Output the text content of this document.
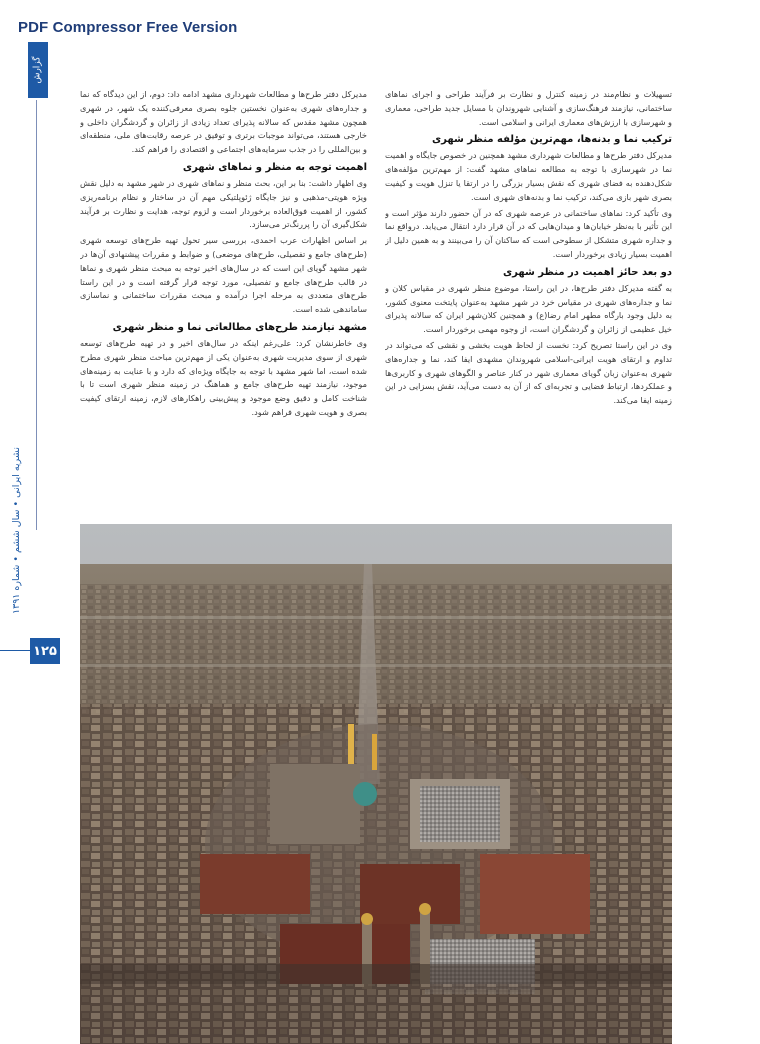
PDF Compressor Free Version
گزارش
نشریه ایرانی • سال ششم • شماره ۱۳۹۱
۱۲۵

تسهیلات و نظام‌مند در زمینه کنترل و نظارت بر فرآیند طراحی و اجرای نماهای ساختمانی، نیازمند فرهنگ‌سازی و آشنایی شهروندان با مسایل جدید طراحی، معماری و شهرسازی با ارزش‌های معماری ایرانی و اسلامی است.

ترکیب نما و بدنه‌ها، مهم‌ترین مؤلفه منظر شهری

مدیرکل دفتر طرح‌ها و مطالعات شهرداری مشهد همچنین در خصوص جایگاه و اهمیت نما در شهرسازی با توجه به مطالعه نماهای مشهد گفت: از مهم‌ترین مؤلفه‌های شکل‌دهنده به فضای شهری که نقش بسیار بزرگی را در ارتقا یا تنزل هویت و کیفیت بصری شهر بازی می‌کند، ترکیب نما و بدنه‌های شهری است.

وی تأکید کرد: نماهای ساختمانی در عرصه شهری که در آن حضور دارند مؤثر است و این تأثیر با به‌نظر خیابان‌ها و میدان‌هایی که در آن قرار دارد انتقال می‌یابد. درواقع نما و جداره شهری متشکل از سطوحی است که ساکنان آن را می‌بینند و به همین دلیل از اهمیت بسیار زیادی برخوردار است.

دو بعد حائز اهمیت در منظر شهری

به گفته مدیرکل دفتر طرح‌ها، در این راستا، موضوع منظر شهری در مقیاس کلان و نما و جداره‌های شهری در مقیاس خرد در شهر مشهد به‌عنوان پایتخت معنوی کشور، به دلیل وجود بارگاه مطهر امام رضا(ع) و همچنین کلان‌شهر ایران که سالانه پذیرای خیل عظیمی از زائران و گردشگران است، از وجوه مهمی برخوردار است.

وی در این راستا تصریح کرد: نخست از لحاظ هویت بخشی و نقشی که می‌تواند در تداوم و ارتقای هویت ایرانی-اسلامی شهروندان مشهدی ایفا کند، نما و جداره‌های شهری به‌عنوان زبان گویای معماری شهر در کنار عناصر و الگوهای شهری و کاربری‌ها و عملکردها، ارتباط فضایی و تجربه‌ای که از آن به دست می‌آید، نقش بسزایی در این زمینه ایفا می‌کند.

مدیرکل دفتر طرح‌ها و مطالعات شهرداری مشهد ادامه داد: دوم، از این دیدگاه که نما و جداره‌های شهری به‌عنوان نخستین جلوه بصری معرفی‌کننده یک شهر، در شهری همچون مشهد مقدس که سالانه پذیرای تعداد زیادی از زائران و گردشگران داخلی و خارجی هستند، می‌تواند موجبات برتری و توفیق در عرصه رقابت‌های ملی، منطقه‌ای و بین‌المللی را در جذب سرمایه‌های اجتماعی و اقتصادی را فراهم کند.

اهمیت توجه به منظر و نماهای شهری

وی اظهار داشت: بنا بر این، بحث منظر و نماهای شهری در شهر مشهد به دلیل نقش ویژه هویتی-مذهبی و نیز جایگاه ژئوپلتیکی مهم آن در ساختار و نظام برنامه‌ریزی کشور، از اهمیت فوق‌العاده برخوردار است و لزوم توجه، هدایت و نظارت بر فرآیند شکل‌گیری آن را پررنگ‌تر می‌سازد.

بر اساس اظهارات عرب احمدی، بررسی سیر تحول تهیه طرح‌های توسعه شهری (طرح‌های جامع و تفصیلی، طرح‌های موضعی) و ضوابط و مقررات پیشنهادی آن‌ها در شهر مشهد گویای این است که در سال‌های اخیر توجه به مبحث منظر شهری و نماها در قالب طرح‌های جامع و تفصیلی، مورد توجه قرار گرفته است و در این راستا طرح‌های متعددی به مرحله اجرا درآمده و مبحث مقررات ساختمانی و نماسازی ساماندهی شده است.

مشهد نیازمند طرح‌های مطالعاتی نما و منظر شهری

وی خاطرنشان کرد: علی‌رغم اینکه در سال‌های اخیر و در تهیه طرح‌های توسعه شهری از سوی مدیریت شهری به‌عنوان یکی از مهم‌ترین مباحث منظر شهری مطرح شده است، اما شهر مشهد با توجه به جایگاه ویژه‌ای که دارد و با عنایت به زمینه‌های موجود، نیازمند تهیه طرح‌های جامع و هماهنگ در زمینه منظر شهری است تا با شناخت کامل و دقیق وضع موجود و پیش‌بینی راهکارهای لازم، زمینه ارتقای کیفیت بصری و هویت شهری فراهم شود.
